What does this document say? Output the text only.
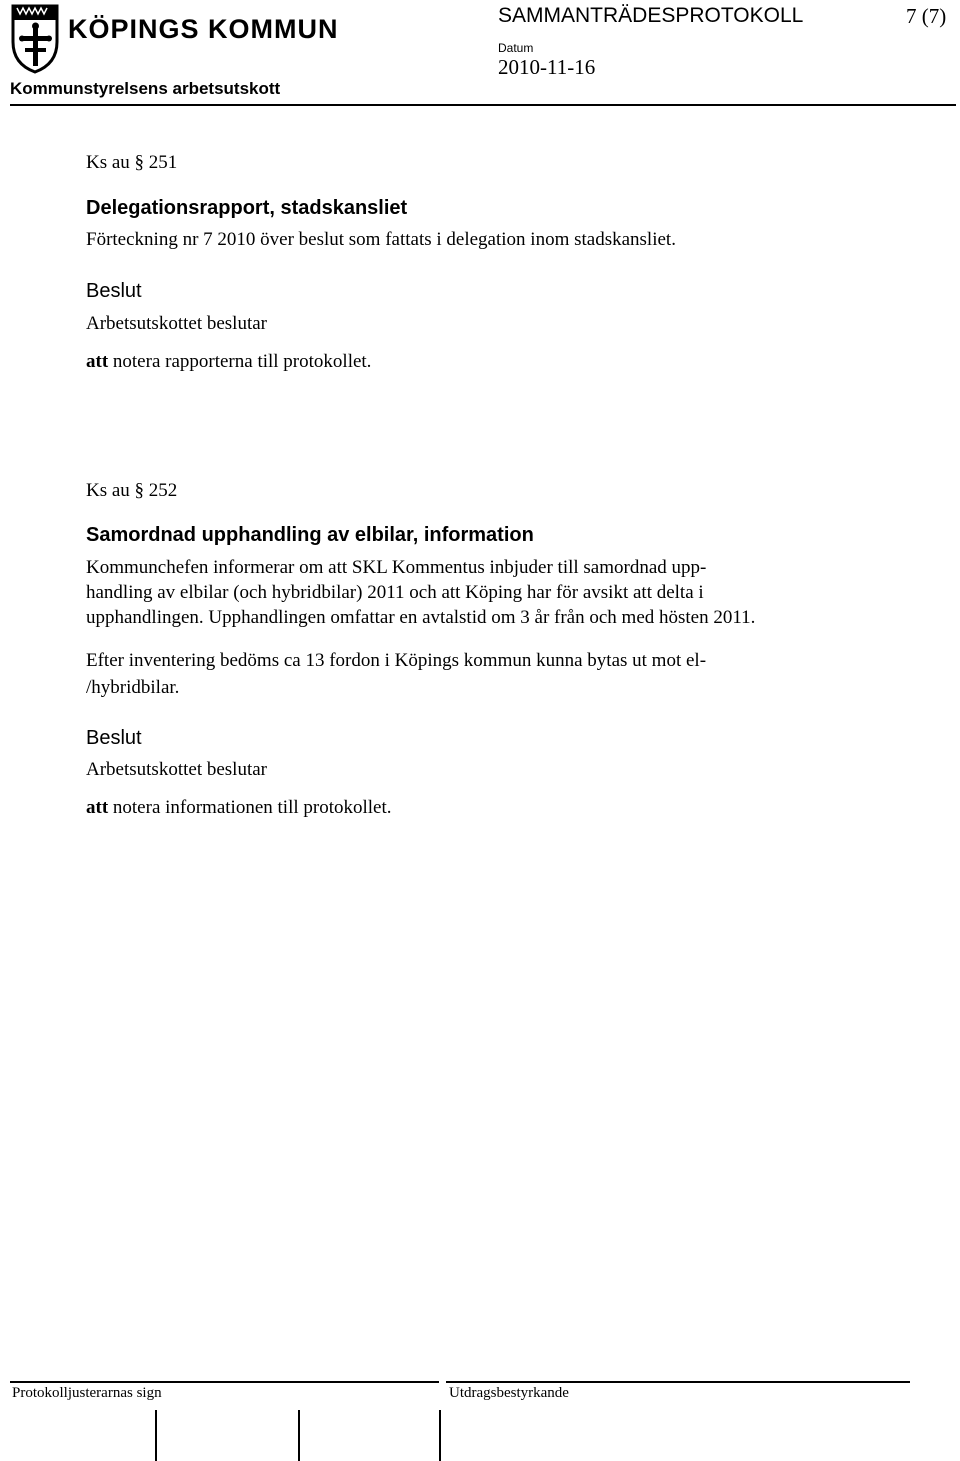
KÖPINGS KOMMUN	SAMMANTRÄDESPROTOKOLL	7 (7)
Datum
2010-11-16
Kommunstyrelsens arbetsutskott
Ks au § 251
Delegationsrapport, stadskansliet
Förteckning nr 7 2010 över beslut som fattats i delegation inom stadskansliet.
Beslut
Arbetsutskottet beslutar
att notera rapporterna till protokollet.
Ks au § 252
Samordnad upphandling av elbilar, information
Kommunchefen informerar om att SKL Kommentus inbjuder till samordnad upp-
handling av elbilar (och hybridbilar) 2011 och att Köping har för avsikt att delta i
upphandlingen. Upphandlingen omfattar en avtalstid om 3 år från och med hösten 2011.
Efter inventering bedöms ca 13 fordon i Köpings kommun kunna bytas ut mot el-
/hybridbilar.
Beslut
Arbetsutskottet beslutar
att notera informationen till protokollet.
Protokolljusterarnas sign	Utdragsbestyrkande
